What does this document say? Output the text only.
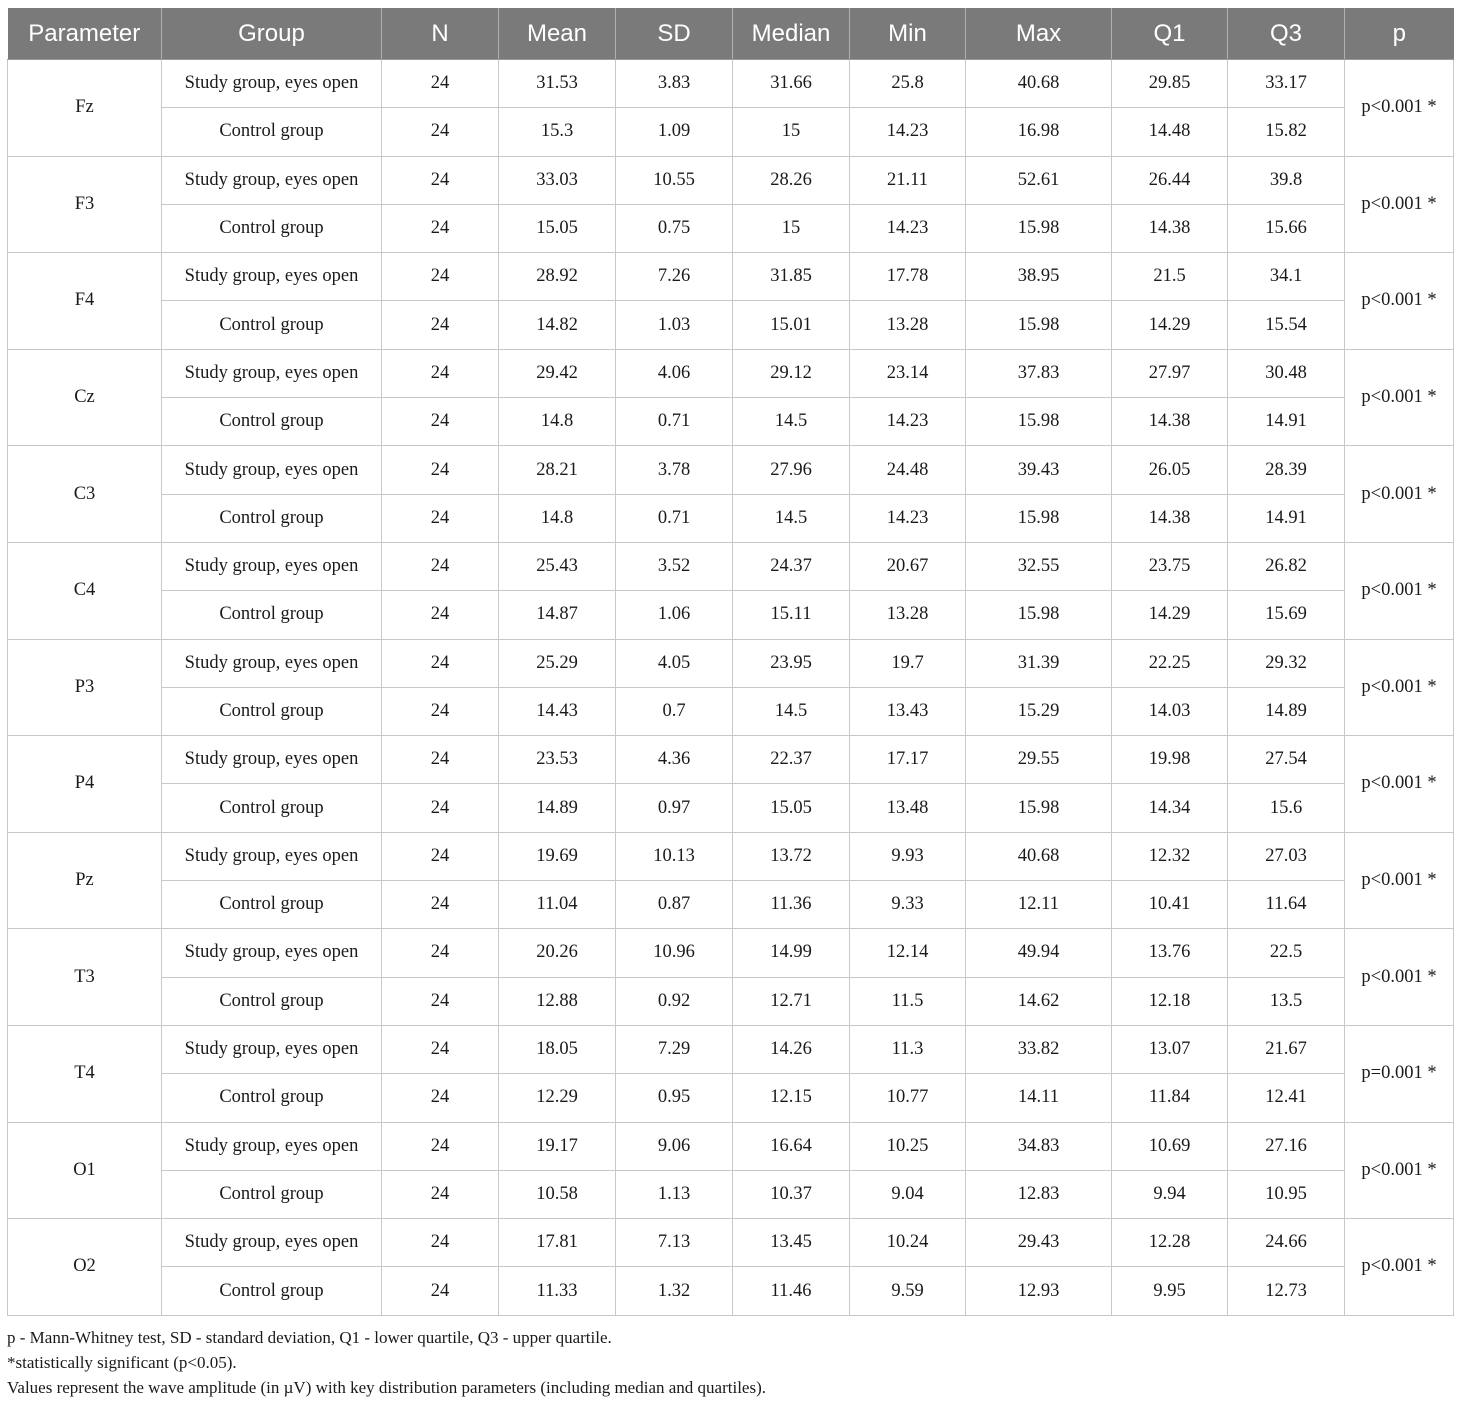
Parameter	Group	N	Mean	SD	Median	Min	Max	Q1	Q3	p
Fz	Study group, eyes open	24	31.53	3.83	31.66	25.8	40.68	29.85	33.17	p<0.001 *
	Control group	24	15.3	1.09	15	14.23	16.98	14.48	15.82	
F3	Study group, eyes open	24	33.03	10.55	28.26	21.11	52.61	26.44	39.8	p<0.001 *
	Control group	24	15.05	0.75	15	14.23	15.98	14.38	15.66	
F4	Study group, eyes open	24	28.92	7.26	31.85	17.78	38.95	21.5	34.1	p<0.001 *
	Control group	24	14.82	1.03	15.01	13.28	15.98	14.29	15.54	
Cz	Study group, eyes open	24	29.42	4.06	29.12	23.14	37.83	27.97	30.48	p<0.001 *
	Control group	24	14.8	0.71	14.5	14.23	15.98	14.38	14.91	
C3	Study group, eyes open	24	28.21	3.78	27.96	24.48	39.43	26.05	28.39	p<0.001 *
	Control group	24	14.8	0.71	14.5	14.23	15.98	14.38	14.91	
C4	Study group, eyes open	24	25.43	3.52	24.37	20.67	32.55	23.75	26.82	p<0.001 *
	Control group	24	14.87	1.06	15.11	13.28	15.98	14.29	15.69	
P3	Study group, eyes open	24	25.29	4.05	23.95	19.7	31.39	22.25	29.32	p<0.001 *
	Control group	24	14.43	0.7	14.5	13.43	15.29	14.03	14.89	
P4	Study group, eyes open	24	23.53	4.36	22.37	17.17	29.55	19.98	27.54	p<0.001 *
	Control group	24	14.89	0.97	15.05	13.48	15.98	14.34	15.6	
Pz	Study group, eyes open	24	19.69	10.13	13.72	9.93	40.68	12.32	27.03	p<0.001 *
	Control group	24	11.04	0.87	11.36	9.33	12.11	10.41	11.64	
T3	Study group, eyes open	24	20.26	10.96	14.99	12.14	49.94	13.76	22.5	p<0.001 *
	Control group	24	12.88	0.92	12.71	11.5	14.62	12.18	13.5	
T4	Study group, eyes open	24	18.05	7.29	14.26	11.3	33.82	13.07	21.67	p=0.001 *
	Control group	24	12.29	0.95	12.15	10.77	14.11	11.84	12.41	
O1	Study group, eyes open	24	19.17	9.06	16.64	10.25	34.83	10.69	27.16	p<0.001 *
	Control group	24	10.58	1.13	10.37	9.04	12.83	9.94	10.95	
O2	Study group, eyes open	24	17.81	7.13	13.45	10.24	29.43	12.28	24.66	p<0.001 *
	Control group	24	11.33	1.32	11.46	9.59	12.93	9.95	12.73	
p - Mann-Whitney test, SD - standard deviation, Q1 - lower quartile, Q3 - upper quartile.
*statistically significant (p<0.05).
Values represent the wave amplitude (in µV) with key distribution parameters (including median and quartiles).
